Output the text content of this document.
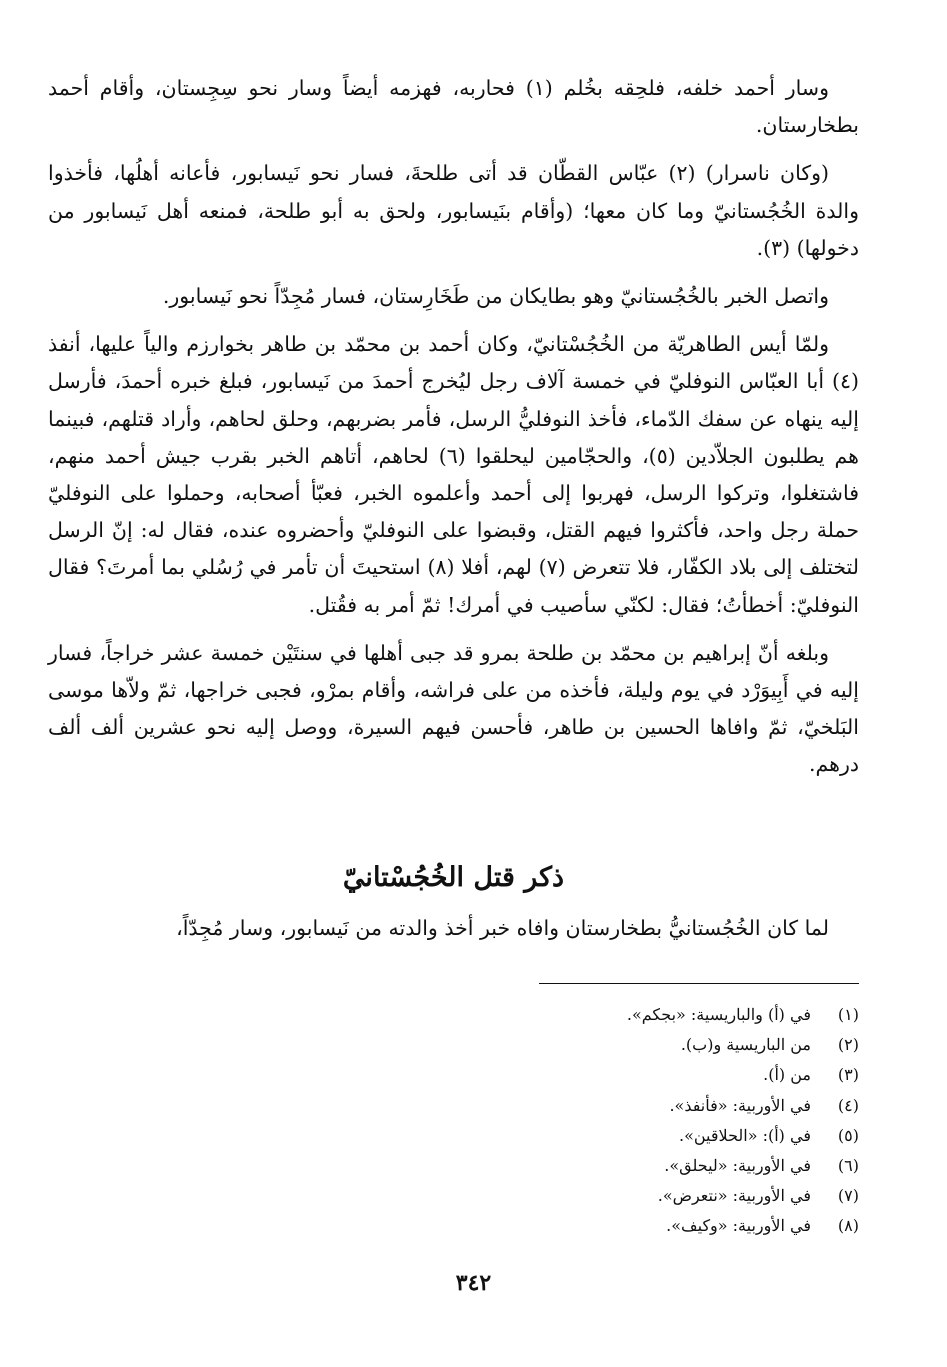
وسار أحمد خلفه، فلحِقه بخُلم (١) فحاربه، فهزمه أيضاً وسار نحو سِجِستان، وأقام أحمد بطخارستان.

(وكان ناسرار) (٢) عبّاس القطّان قد أتى طلحةَ، فسار نحو نَيسابور، فأعانه أهلُها، فأخذوا والدة الخُجُستانيّ وما كان معها؛ (وأقام بنَيسابور، ولحق به أبو طلحة، فمنعه أهل نَيسابور من دخولها) (٣).

واتصل الخبر بالخُجُستانيّ وهو بطايكان من طَخَارِستان، فسار مُجِدّاً نحو نَيسابور.

ولمّا أيس الطاهريّة من الخُجُسْتانيّ، وكان أحمد بن محمّد بن طاهر بخوارزم والياً عليها، أنفذ (٤) أبا العبّاس النوفليّ في خمسة آلاف رجل ليُخرج أحمدَ من نَيسابور، فبلغ خبره أحمدَ، فأرسل إليه ينهاه عن سفك الدّماء، فأخذ النوفليُّ الرسل، فأمر بضربهم، وحلق لحاهم، وأراد قتلهم، فبينما هم يطلبون الجلاّدين (٥)، والحجّامين ليحلقوا (٦) لحاهم، أتاهم الخبر بقرب جيش أحمد منهم، فاشتغلوا، وتركوا الرسل، فهربوا إلى أحمد وأعلموه الخبر، فعبّأ أصحابه، وحملوا على النوفليّ حملة رجل واحد، فأكثروا فيهم القتل، وقبضوا على النوفليّ وأحضروه عنده، فقال له: إنّ الرسل لتختلف إلى بلاد الكفّار، فلا تتعرض (٧) لهم، أفلا (٨) استحيتَ أن تأمر في رُسُلي بما أمرتَ؟ فقال النوفليّ: أخطأتُ؛ فقال: لكنّي سأصيب في أمرك! ثمّ أمر به فقُتل.

وبلغه أنّ إبراهيم بن محمّد بن طلحة بمرو قد جبى أهلها في سنتَيْن خمسة عشر خراجاً، فسار إليه في أَبِيوَرْد في يوم وليلة، فأخذه من على فراشه، وأقام بمرْو، فجبى خراجها، ثمّ ولاّها موسى البَلخيّ، ثمّ وافاها الحسين بن طاهر، فأحسن فيهم السيرة، ووصل إليه نحو عشرين ألف ألف درهم.

ذكر قتل الخُجُسْتانيّ
لما كان الخُجُستانيُّ بطخارستان وافاه خبر أخذ والدته من نَيسابور، وسار مُجِدّاً،
(١)
في (أ) والباريسية: «بجكم».
(٢)
من الباريسية و(ب).
(٣)
من (أ).
(٤)
في الأوربية: «فأنفذ».
(٥)
في (أ): «الحلاقين».
(٦)
في الأوربية: «ليحلق».
(٧)
في الأوربية: «نتعرض».
(٨)
في الأوربية: «وكيف».
٣٤٢
